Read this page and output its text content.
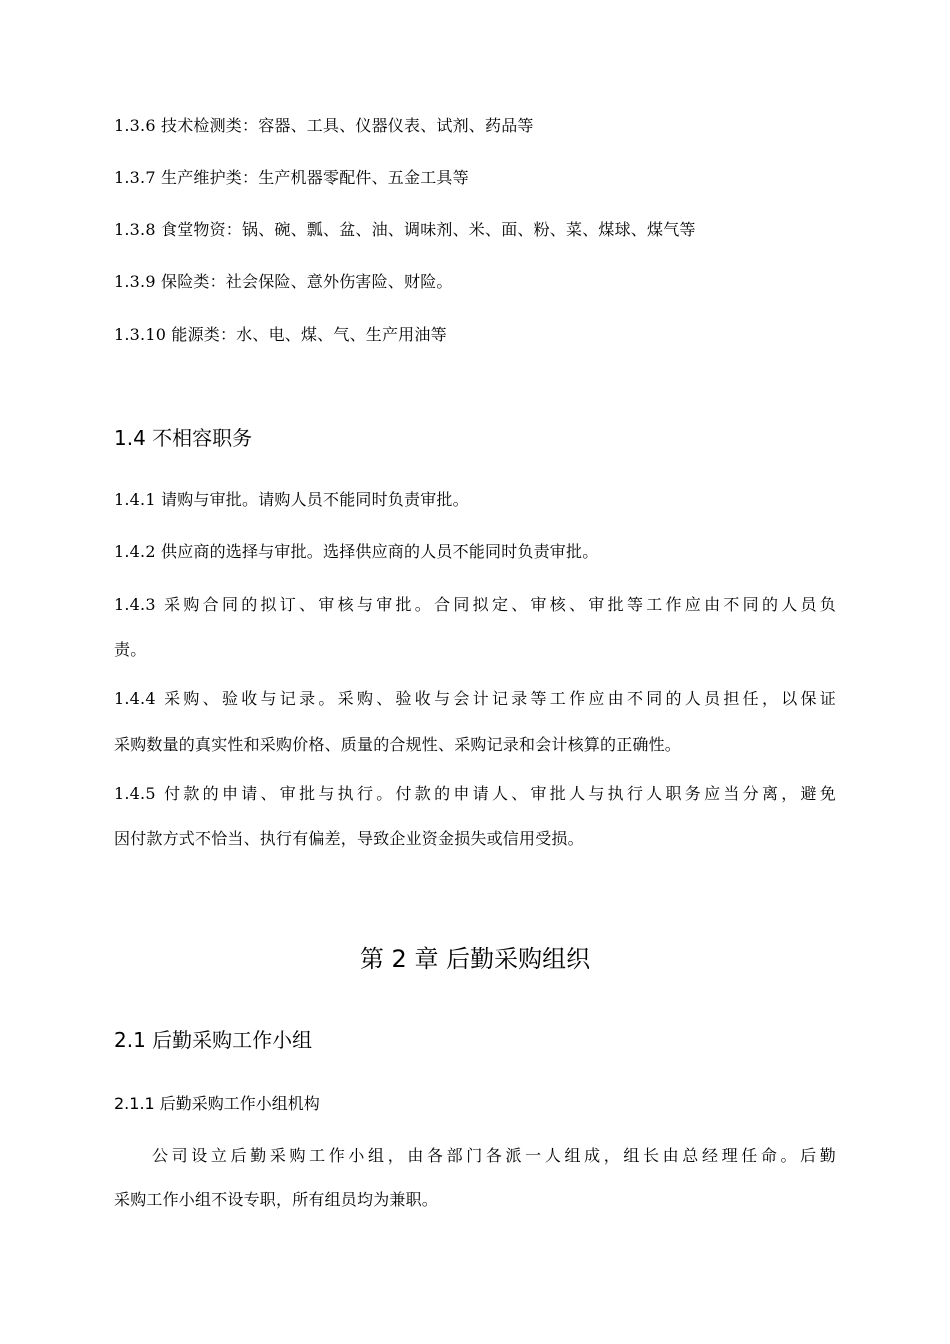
1.3.6 技术检测类：容器、工具、仪器仪表、试剂、药品等
1.3.7 生产维护类：生产机器零配件、五金工具等
1.3.8 食堂物资：锅、碗、瓢、盆、油、调味剂、米、面、粉、菜、煤球、煤气等
1.3.9 保险类：社会保险、意外伤害险、财险。
1.3.10 能源类：水、电、煤、气、生产用油等
1.4 不相容职务
1.4.1 请购与审批。请购人员不能同时负责审批。
1.4.2 供应商的选择与审批。选择供应商的人员不能同时负责审批。
1.4.3 采购合同的拟订、审核与审批。合同拟定、审核、审批等工作应由不同的人员负
责。
1.4.4 采购、验收与记录。采购、验收与会计记录等工作应由不同的人员担任，以保证
采购数量的真实性和采购价格、质量的合规性、采购记录和会计核算的正确性。
1.4.5 付款的申请、审批与执行。付款的申请人、审批人与执行人职务应当分离，避免
因付款方式不恰当、执行有偏差，导致企业资金损失或信用受损。
第 2 章 后勤采购组织
2.1 后勤采购工作小组
2.1.1 后勤采购工作小组机构
公司设立后勤采购工作小组，由各部门各派一人组成，组长由总经理任命。后勤
采购工作小组不设专职，所有组员均为兼职。
